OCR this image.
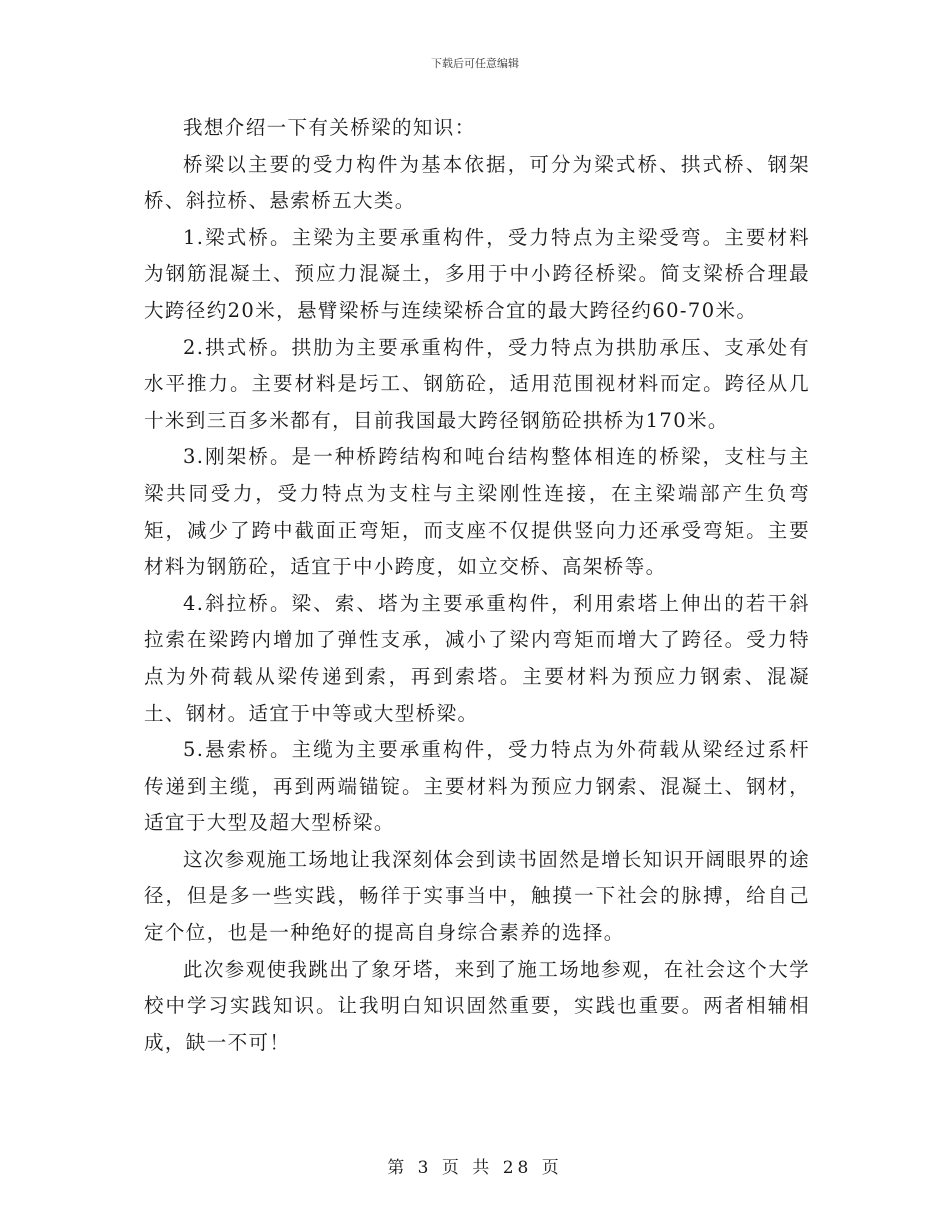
下载后可任意编辑

我想介绍一下有关桥梁的知识：

桥梁以主要的受力构件为基本依据，可分为梁式桥、拱式桥、钢架桥、斜拉桥、悬索桥五大类。

1.梁式桥。主梁为主要承重构件，受力特点为主梁受弯。主要材料为钢筋混凝土、预应力混凝土，多用于中小跨径桥梁。简支梁桥合理最大跨径约20米，悬臂梁桥与连续梁桥合宜的最大跨径约60-70米。

2.拱式桥。拱肋为主要承重构件，受力特点为拱肋承压、支承处有水平推力。主要材料是圬工、钢筋砼，适用范围视材料而定。跨径从几十米到三百多米都有，目前我国最大跨径钢筋砼拱桥为170米。

3.刚架桥。是一种桥跨结构和吨台结构整体相连的桥梁，支柱与主梁共同受力，受力特点为支柱与主梁刚性连接，在主梁端部产生负弯矩，减少了跨中截面正弯矩，而支座不仅提供竖向力还承受弯矩。主要材料为钢筋砼，适宜于中小跨度，如立交桥、高架桥等。

4.斜拉桥。梁、索、塔为主要承重构件，利用索塔上伸出的若干斜拉索在梁跨内增加了弹性支承，减小了梁内弯矩而增大了跨径。受力特点为外荷载从梁传递到索，再到索塔。主要材料为预应力钢索、混凝土、钢材。适宜于中等或大型桥梁。

5.悬索桥。主缆为主要承重构件，受力特点为外荷载从梁经过系杆传递到主缆，再到两端锚锭。主要材料为预应力钢索、混凝土、钢材，适宜于大型及超大型桥梁。

这次参观施工场地让我深刻体会到读书固然是增长知识开阔眼界的途径，但是多一些实践，畅徉于实事当中，触摸一下社会的脉搏，给自己定个位，也是一种绝好的提高自身综合素养的选择。

此次参观使我跳出了象牙塔，来到了施工场地参观，在社会这个大学校中学习实践知识。让我明白知识固然重要，实践也重要。两者相辅相成，缺一不可！

第 3 页 共 28 页
